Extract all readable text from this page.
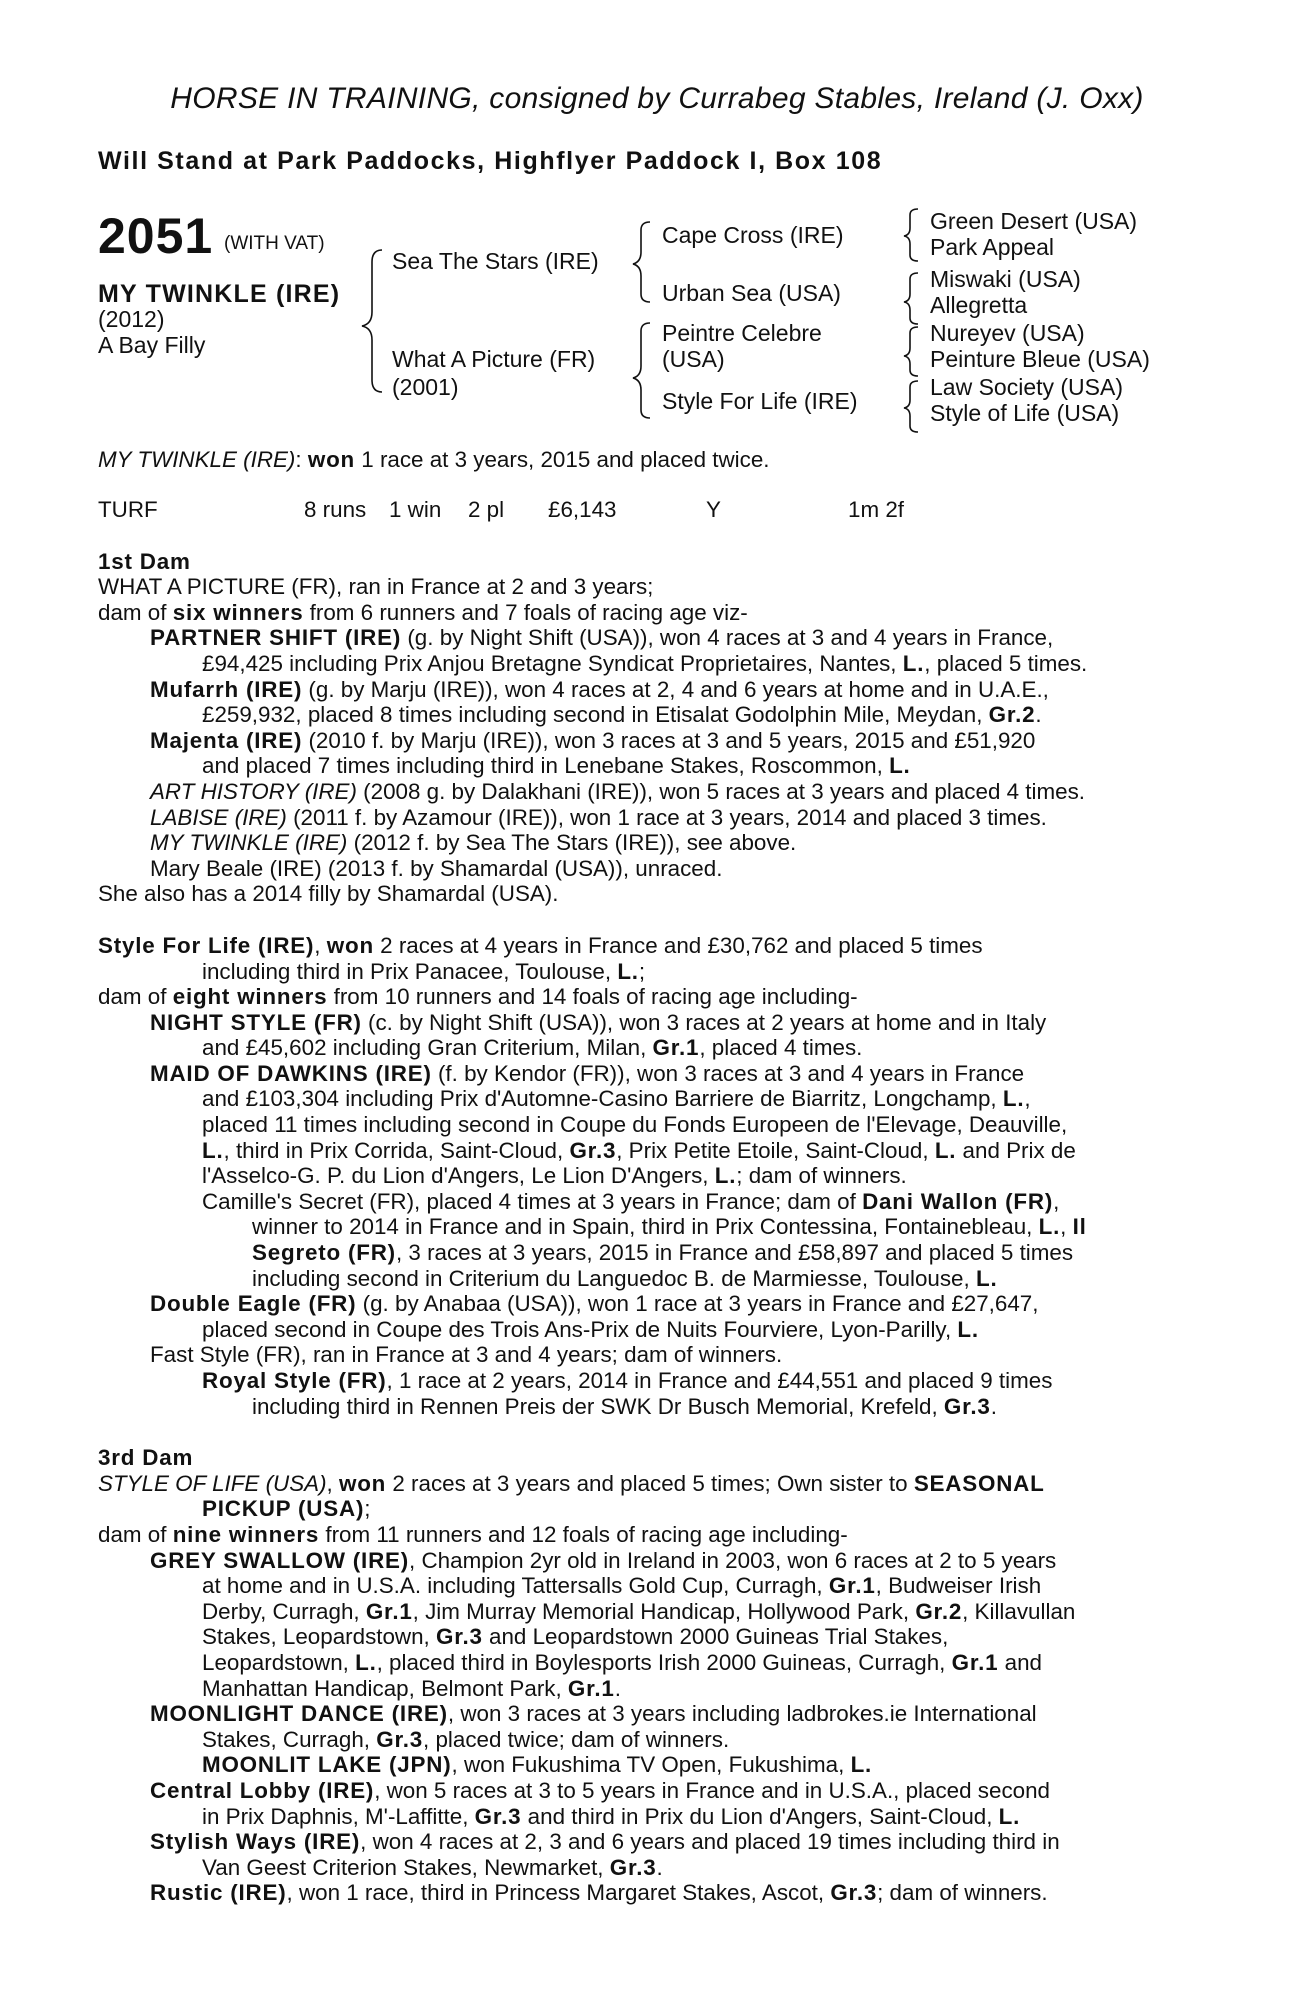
HORSE IN TRAINING, consigned by Currabeg Stables, Ireland (J. Oxx)
Will Stand at Park Paddocks, Highflyer Paddock I, Box 108
2051 (WITH VAT)
MY TWINKLE (IRE)
(2012)
A Bay Filly
Sea The Stars (IRE)
What A Picture (FR)
(2001)
Cape Cross (IRE)
Urban Sea (USA)
Peintre Celebre
(USA)
Style For Life (IRE)
Green Desert (USA)
Park Appeal
Miswaki (USA)
Allegretta
Nureyev (USA)
Peinture Bleue (USA)
Law Society (USA)
Style of Life (USA)

MY TWINKLE (IRE): won 1 race at 3 years, 2015 and placed twice.

TURF	8 runs 1 win 2 pl £6,143	Y	1m 2f

1st Dam

WHAT A PICTURE (FR), ran in France at 2 and 3 years;

dam of six winners from 6 runners and 7 foals of racing age viz-

PARTNER SHIFT (IRE) (g. by Night Shift (USA)), won 4 races at 3 and 4 years in France,

£94,425 including Prix Anjou Bretagne Syndicat Proprietaires, Nantes, L., placed 5 times.

Mufarrh (IRE) (g. by Marju (IRE)), won 4 races at 2, 4 and 6 years at home and in U.A.E.,

£259,932, placed 8 times including second in Etisalat Godolphin Mile, Meydan, Gr.2.

Majenta (IRE) (2010 f. by Marju (IRE)), won 3 races at 3 and 5 years, 2015 and £51,920

and placed 7 times including third in Lenebane Stakes, Roscommon, L.

ART HISTORY (IRE) (2008 g. by Dalakhani (IRE)), won 5 races at 3 years and placed 4 times.

LABISE (IRE) (2011 f. by Azamour (IRE)), won 1 race at 3 years, 2014 and placed 3 times.

MY TWINKLE (IRE) (2012 f. by Sea The Stars (IRE)), see above.

Mary Beale (IRE) (2013 f. by Shamardal (USA)), unraced.

She also has a 2014 filly by Shamardal (USA).

Style For Life (IRE), won 2 races at 4 years in France and £30,762 and placed 5 times

including third in Prix Panacee, Toulouse, L.;

dam of eight winners from 10 runners and 14 foals of racing age including-

NIGHT STYLE (FR) (c. by Night Shift (USA)), won 3 races at 2 years at home and in Italy

and £45,602 including Gran Criterium, Milan, Gr.1, placed 4 times.

MAID OF DAWKINS (IRE) (f. by Kendor (FR)), won 3 races at 3 and 4 years in France

and £103,304 including Prix d'Automne-Casino Barriere de Biarritz, Longchamp, L.,

placed 11 times including second in Coupe du Fonds Europeen de l'Elevage, Deauville,

L., third in Prix Corrida, Saint-Cloud, Gr.3, Prix Petite Etoile, Saint-Cloud, L. and Prix de

l'Asselco-G. P. du Lion d'Angers, Le Lion D'Angers, L.; dam of winners.

Camille's Secret (FR), placed 4 times at 3 years in France; dam of Dani Wallon (FR),

winner to 2014 in France and in Spain, third in Prix Contessina, Fontainebleau, L., Il

Segreto (FR), 3 races at 3 years, 2015 in France and £58,897 and placed 5 times

including second in Criterium du Languedoc B. de Marmiesse, Toulouse, L.

Double Eagle (FR) (g. by Anabaa (USA)), won 1 race at 3 years in France and £27,647,

placed second in Coupe des Trois Ans-Prix de Nuits Fourviere, Lyon-Parilly, L.

Fast Style (FR), ran in France at 3 and 4 years; dam of winners.

Royal Style (FR), 1 race at 2 years, 2014 in France and £44,551 and placed 9 times

including third in Rennen Preis der SWK Dr Busch Memorial, Krefeld, Gr.3.

3rd Dam

STYLE OF LIFE (USA), won 2 races at 3 years and placed 5 times; Own sister to SEASONAL

PICKUP (USA);

dam of nine winners from 11 runners and 12 foals of racing age including-

GREY SWALLOW (IRE), Champion 2yr old in Ireland in 2003, won 6 races at 2 to 5 years

at home and in U.S.A. including Tattersalls Gold Cup, Curragh, Gr.1, Budweiser Irish

Derby, Curragh, Gr.1, Jim Murray Memorial Handicap, Hollywood Park, Gr.2, Killavullan

Stakes, Leopardstown, Gr.3 and Leopardstown 2000 Guineas Trial Stakes,

Leopardstown, L., placed third in Boylesports Irish 2000 Guineas, Curragh, Gr.1 and

Manhattan Handicap, Belmont Park, Gr.1.

MOONLIGHT DANCE (IRE), won 3 races at 3 years including ladbrokes.ie International

Stakes, Curragh, Gr.3, placed twice; dam of winners.

MOONLIT LAKE (JPN), won Fukushima TV Open, Fukushima, L.

Central Lobby (IRE), won 5 races at 3 to 5 years in France and in U.S.A., placed second

in Prix Daphnis, M'-Laffitte, Gr.3 and third in Prix du Lion d'Angers, Saint-Cloud, L.

Stylish Ways (IRE), won 4 races at 2, 3 and 6 years and placed 19 times including third in

Van Geest Criterion Stakes, Newmarket, Gr.3.

Rustic (IRE), won 1 race, third in Princess Margaret Stakes, Ascot, Gr.3; dam of winners.
